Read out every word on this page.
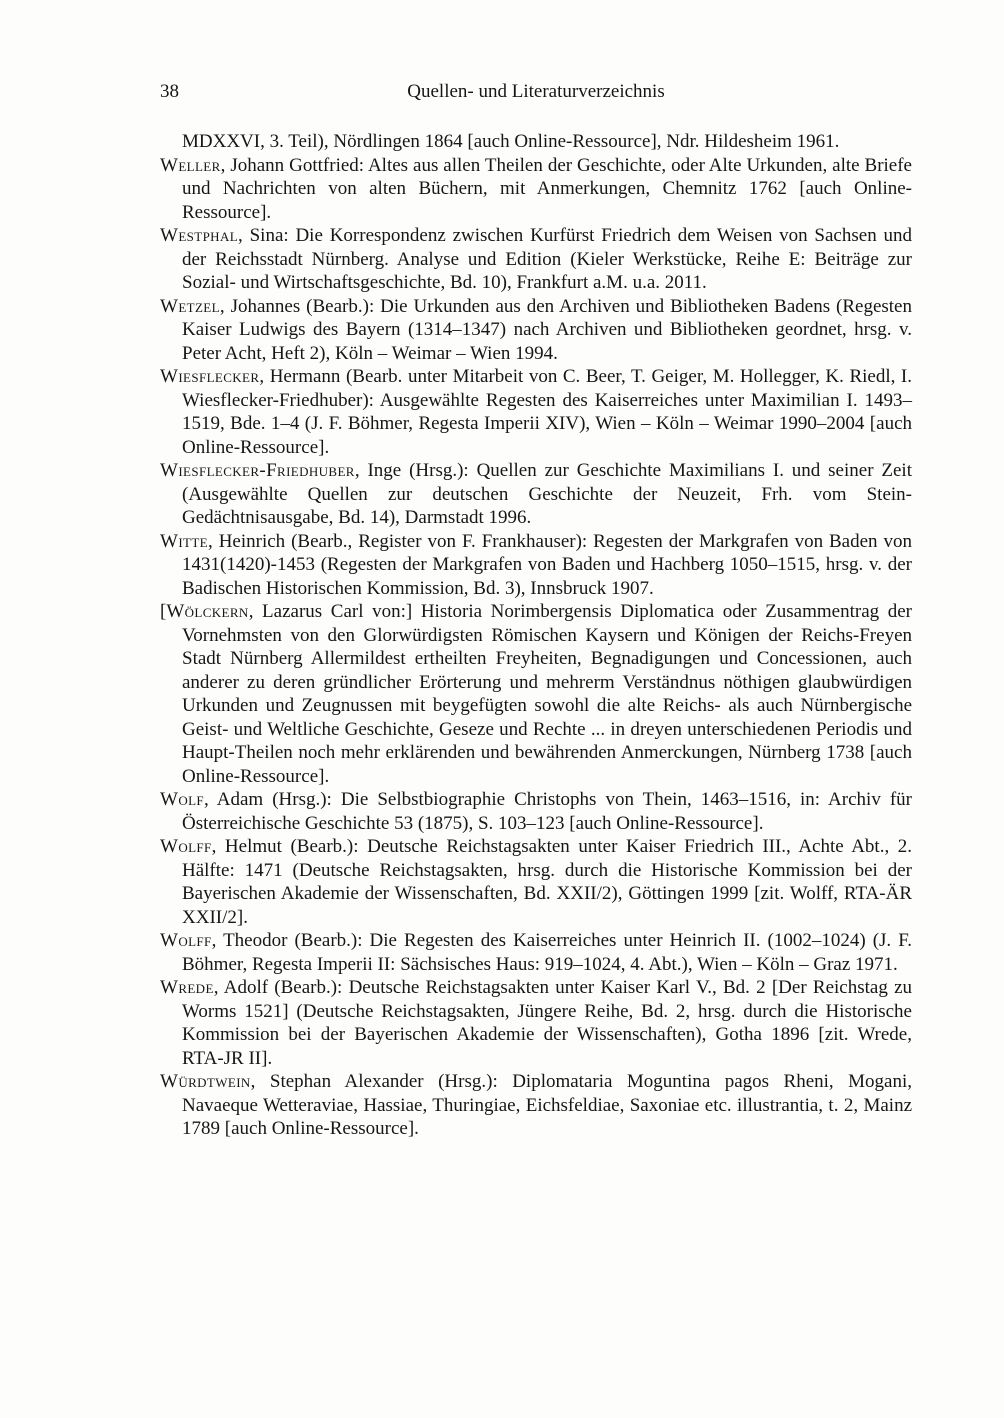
38	Quellen- und Literaturverzeichnis

MDXXVI, 3. Teil), Nördlingen 1864 [auch Online-Ressource], Ndr. Hildesheim 1961.

Weller, Johann Gottfried: Altes aus allen Theilen der Geschichte, oder Alte Urkunden, alte Briefe und Nachrichten von alten Büchern, mit Anmerkungen, Chemnitz 1762 [auch Online-Ressource].

Westphal, Sina: Die Korrespondenz zwischen Kurfürst Friedrich dem Weisen von Sachsen und der Reichsstadt Nürnberg. Analyse und Edition (Kieler Werkstücke, Reihe E: Beiträge zur Sozial- und Wirtschaftsgeschichte, Bd. 10), Frankfurt a.M. u.a. 2011.

Wetzel, Johannes (Bearb.): Die Urkunden aus den Archiven und Bibliotheken Badens (Regesten Kaiser Ludwigs des Bayern (1314–1347) nach Archiven und Bibliotheken geordnet, hrsg. v. Peter Acht, Heft 2), Köln – Weimar – Wien 1994.

Wiesflecker, Hermann (Bearb. unter Mitarbeit von C. Beer, T. Geiger, M. Hollegger, K. Riedl, I. Wiesflecker-Friedhuber): Ausgewählte Regesten des Kaiserreiches unter Maximilian I. 1493–1519, Bde. 1–4 (J. F. Böhmer, Regesta Imperii XIV), Wien – Köln – Weimar 1990–2004 [auch Online-Ressource].

Wiesflecker-Friedhuber, Inge (Hrsg.): Quellen zur Geschichte Maximilians I. und seiner Zeit (Ausgewählte Quellen zur deutschen Geschichte der Neuzeit, Frh. vom Stein-Gedächtnisausgabe, Bd. 14), Darmstadt 1996.

Witte, Heinrich (Bearb., Register von F. Frankhauser): Regesten der Markgrafen von Baden von 1431(1420)-1453 (Regesten der Markgrafen von Baden und Hachberg 1050–1515, hrsg. v. der Badischen Historischen Kommission, Bd. 3), Innsbruck 1907.

[Wölckern, Lazarus Carl von:] Historia Norimbergensis Diplomatica oder Zusammentrag der Vornehmsten von den Glorwürdigsten Römischen Kaysern und Königen der Reichs-Freyen Stadt Nürnberg Allermildest ertheilten Freyheiten, Begnadigungen und Concessionen, auch anderer zu deren gründlicher Erörterung und mehrerm Verständnus nöthigen glaubwürdigen Urkunden und Zeugnussen mit beygefügten sowohl die alte Reichs- als auch Nürnbergische Geist- und Weltliche Geschichte, Geseze und Rechte ... in dreyen unterschiedenen Periodis und Haupt-Theilen noch mehr erklärenden und bewährenden Anmerckungen, Nürnberg 1738 [auch Online-Ressource].

Wolf, Adam (Hrsg.): Die Selbstbiographie Christophs von Thein, 1463–1516, in: Archiv für Österreichische Geschichte 53 (1875), S. 103–123 [auch Online-Ressource].

Wolff, Helmut (Bearb.): Deutsche Reichstagsakten unter Kaiser Friedrich III., Achte Abt., 2. Hälfte: 1471 (Deutsche Reichstagsakten, hrsg. durch die Historische Kommission bei der Bayerischen Akademie der Wissenschaften, Bd. XXII/2), Göttingen 1999 [zit. Wolff, RTA-ÄR XXII/2].

Wolff, Theodor (Bearb.): Die Regesten des Kaiserreiches unter Heinrich II. (1002–1024) (J. F. Böhmer, Regesta Imperii II: Sächsisches Haus: 919–1024, 4. Abt.), Wien – Köln – Graz 1971.

Wrede, Adolf (Bearb.): Deutsche Reichstagsakten unter Kaiser Karl V., Bd. 2 [Der Reichstag zu Worms 1521] (Deutsche Reichstagsakten, Jüngere Reihe, Bd. 2, hrsg. durch die Historische Kommission bei der Bayerischen Akademie der Wissenschaften), Gotha 1896 [zit. Wrede, RTA-JR II].

Würdtwein, Stephan Alexander (Hrsg.): Diplomataria Moguntina pagos Rheni, Mogani, Navaeque Wetteraviae, Hassiae, Thuringiae, Eichsfeldiae, Saxoniae etc. illustrantia, t. 2, Mainz 1789 [auch Online-Ressource].
